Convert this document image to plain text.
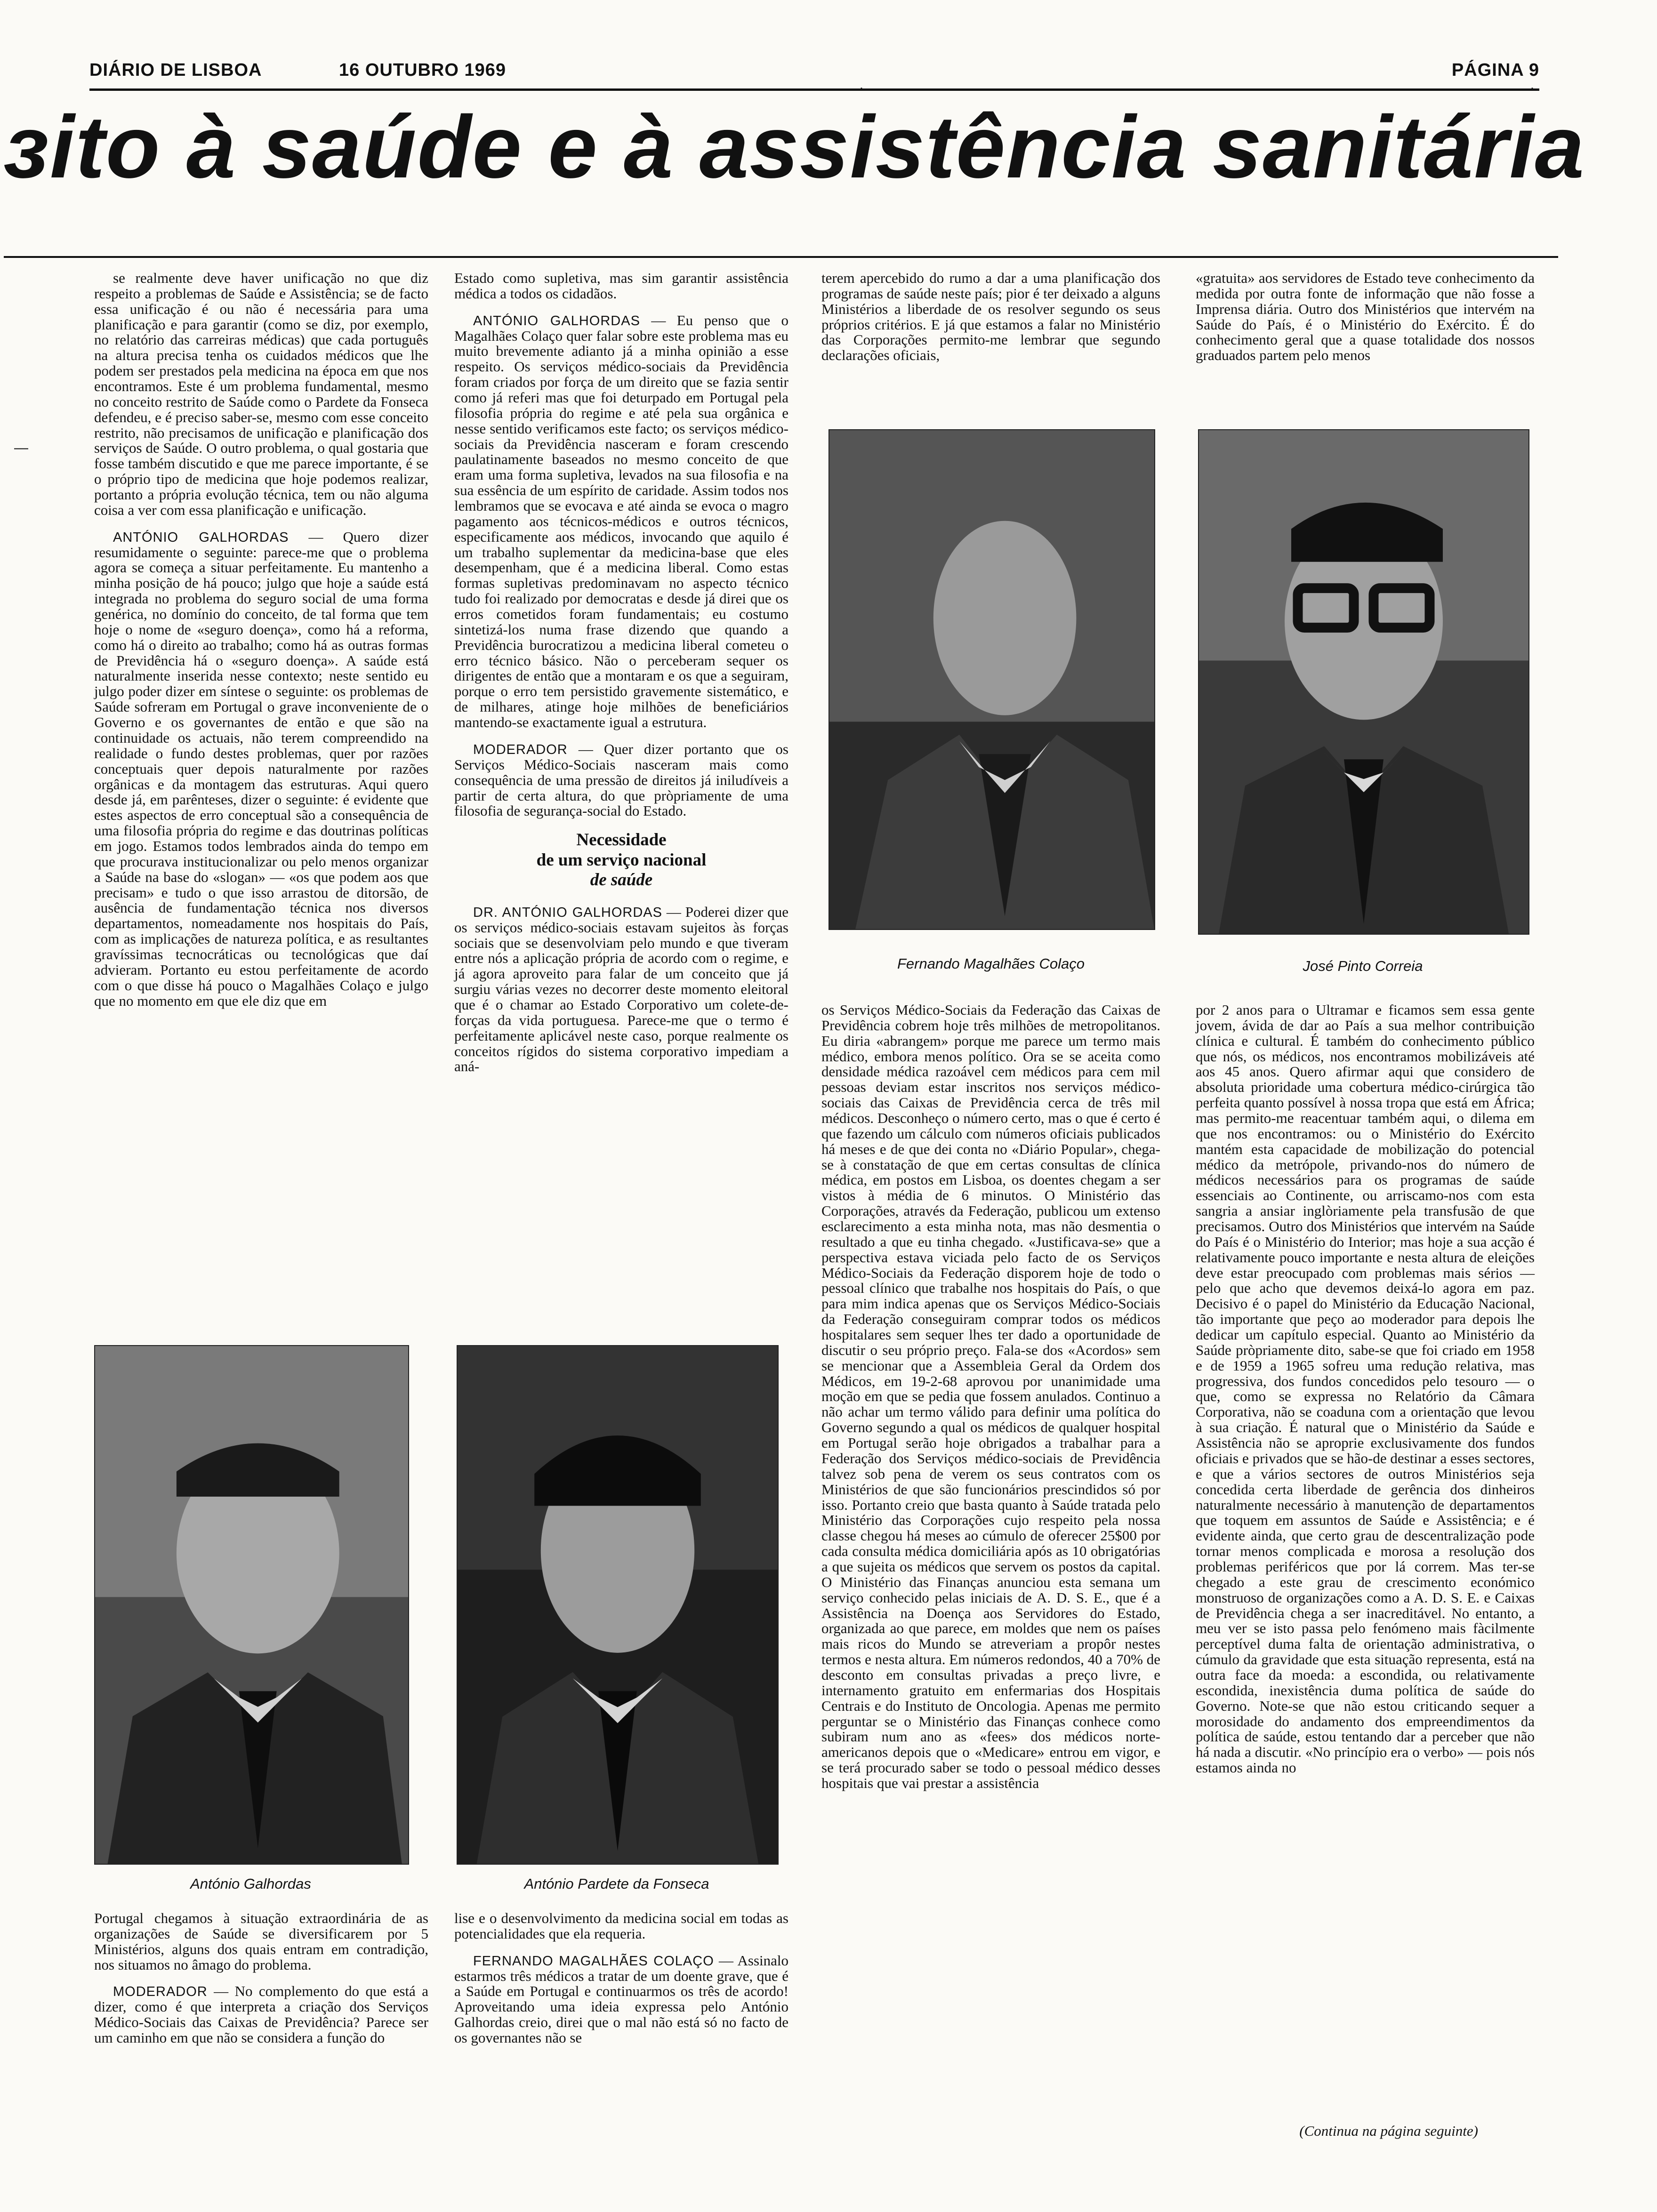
DIÁRIO DE LISBOA	16 OUTUBRO 1969	PÁGINA 9
ɜito à saúde e à assistência sanitária

se realmente deve haver unificação no que diz respeito a problemas de Saúde e Assistência; se de facto essa unificação é ou não é necessária para uma planificação e para garantir (como se diz, por exemplo, no relatório das carreiras médicas) que cada português na altura precisa tenha os cuidados médicos que lhe podem ser prestados pela medicina na época em que nos encontramos. Este é um problema fundamental, mesmo no conceito restrito de Saúde como o Pardete da Fonseca defendeu, e é preciso saber-se, mesmo com esse conceito restrito, não precisamos de unificação e planificação dos serviços de Saúde. O outro problema, o qual gostaria que fosse também discutido e que me parece importante, é se o próprio tipo de medicina que hoje podemos realizar, portanto a própria evolução técnica, tem ou não alguma coisa a ver com essa planificação e unificação.

ANTÓNIO GALHORDAS — Quero dizer resumidamente o seguinte: parece-me que o problema agora se começa a situar perfeitamente. Eu mantenho a minha posição de há pouco; julgo que hoje a saúde está integrada no problema do seguro social de uma forma genérica, no domínio do conceito, de tal forma que tem hoje o nome de «seguro doença», como há a reforma, como há o direito ao trabalho; como há as outras formas de Previdência há o «seguro doença». A saúde está naturalmente inserida nesse contexto; neste sentido eu julgo poder dizer em síntese o seguinte: os problemas de Saúde sofreram em Portugal o grave inconveniente de o Governo e os governantes de então e que são na continuidade os actuais, não terem compreendido na realidade o fundo destes problemas, quer por razões conceptuais quer depois naturalmente por razões orgânicas e da montagem das estruturas. Aqui quero desde já, em parênteses, dizer o seguinte: é evidente que estes aspectos de erro conceptual são a consequência de uma filosofia própria do regime e das doutrinas políticas em jogo. Estamos todos lembrados ainda do tempo em que procurava institucionalizar ou pelo menos organizar a Saúde na base do «slogan» — «os que podem aos que precisam» e tudo o que isso arrastou de ditorsão, de ausência de fundamentação técnica nos diversos departamentos, nomeadamente nos hospitais do País, com as implicações de natureza política, e as resultantes gravíssimas tecnocráticas ou tecnológicas que daí advieram. Portanto eu estou perfeitamente de acordo com o que disse há pouco o Magalhães Colaço e julgo que no momento em que ele diz que em

Portugal chegamos à situação extraordinária de as organizações de Saúde se diversificarem por 5 Ministérios, alguns dos quais entram em contradição, nos situamos no âmago do problema.

MODERADOR — No complemento do que está a dizer, como é que interpreta a criação dos Serviços Médico-Sociais das Caixas de Previdência? Parece ser um caminho em que não se considera a função do

Estado como supletiva, mas sim garantir assistência médica a todos os cidadãos.

ANTÓNIO GALHORDAS — Eu penso que o Magalhães Colaço quer falar sobre este problema mas eu muito brevemente adianto já a minha opinião a esse respeito. Os serviços médico-sociais da Previdência foram criados por força de um direito que se fazia sentir como já referi mas que foi deturpado em Portugal pela filosofia própria do regime e até pela sua orgânica e nesse sentido verificamos este facto; os serviços médico-sociais da Previdência nasceram e foram crescendo paulatinamente baseados no mesmo conceito de que eram uma forma supletiva, levados na sua filosofia e na sua essência de um espírito de caridade. Assim todos nos lembramos que se evocava e até ainda se evoca o magro pagamento aos técnicos-médicos e outros técnicos, especificamente aos médicos, invocando que aquilo é um trabalho suplementar da medicina-base que eles desempenham, que é a medicina liberal. Como estas formas supletivas predominavam no aspecto técnico tudo foi realizado por democratas e desde já direi que os erros cometidos foram fundamentais; eu costumo sintetizá-los numa frase dizendo que quando a Previdência burocratizou a medicina liberal cometeu o erro técnico básico. Não o perceberam sequer os dirigentes de então que a montaram e os que a seguiram, porque o erro tem persistido gravemente sistemático, e de milhares, atinge hoje milhões de beneficiários mantendo-se exactamente igual a estrutura.

MODERADOR — Quer dizer portanto que os Serviços Médico-Sociais nasceram mais como consequência de uma pressão de direitos já iniludíveis a partir de certa altura, do que pròpriamente de uma filosofia de segurança-social do Estado.

Necessidade
de um serviço nacional
de saúde

DR. ANTÓNIO GALHORDAS — Poderei dizer que os serviços médico-sociais estavam sujeitos às forças sociais que se desenvolviam pelo mundo e que tiveram entre nós a aplicação própria de acordo com o regime, e já agora aproveito para falar de um conceito que já surgiu várias vezes no decorrer deste momento eleitoral que é o chamar ao Estado Corporativo um colete-de-forças da vida portuguesa. Parece-me que o termo é perfeitamente aplicável neste caso, porque realmente os conceitos rígidos do sistema corporativo impediam a aná-

lise e o desenvolvimento da medicina social em todas as potencialidades que ela requeria.

FERNANDO MAGALHÃES COLAÇO — Assinalo estarmos três médicos a tratar de um doente grave, que é a Saúde em Portugal e continuarmos os três de acordo! Aproveitando uma ideia expressa pelo António Galhordas creio, direi que o mal não está só no facto de os governantes não se

terem apercebido do rumo a dar a uma planificação dos programas de saúde neste país; pior é ter deixado a alguns Ministérios a liberdade de os resolver segundo os seus próprios critérios. E já que estamos a falar no Ministério das Corporações permito-me lembrar que segundo declarações oficiais,

os Serviços Médico-Sociais da Federação das Caixas de Previdência cobrem hoje três milhões de metropolitanos. Eu diria «abrangem» porque me parece um termo mais médico, embora menos político. Ora se se aceita como densidade médica razoável cem médicos para cem mil pessoas deviam estar inscritos nos serviços médico-sociais das Caixas de Previdência cerca de três mil médicos. Desconheço o número certo, mas o que é certo é que fazendo um cálculo com números oficiais publicados há meses e de que dei conta no «Diário Popular», chega-se à constatação de que em certas consultas de clínica médica, em postos em Lisboa, os doentes chegam a ser vistos à média de 6 minutos. O Ministério das Corporações, através da Federação, publicou um extenso esclarecimento a esta minha nota, mas não desmentia o resultado a que eu tinha chegado. «Justificava-se» que a perspectiva estava viciada pelo facto de os Serviços Médico-Sociais da Federação disporem hoje de todo o pessoal clínico que trabalhe nos hospitais do País, o que para mim indica apenas que os Serviços Médico-Sociais da Federação conseguiram comprar todos os médicos hospitalares sem sequer lhes ter dado a oportunidade de discutir o seu próprio preço. Fala-se dos «Acordos» sem se mencionar que a Assembleia Geral da Ordem dos Médicos, em 19-2-68 aprovou por unanimidade uma moção em que se pedia que fossem anulados. Continuo a não achar um termo válido para definir uma política do Governo segundo a qual os médicos de qualquer hospital em Portugal serão hoje obrigados a trabalhar para a Federação dos Serviços médico-sociais de Previdência talvez sob pena de verem os seus contratos com os Ministérios de que são funcionários prescindidos só por isso. Portanto creio que basta quanto à Saúde tratada pelo Ministério das Corporações cujo respeito pela nossa classe chegou há meses ao cúmulo de oferecer 25$00 por cada consulta médica domiciliária após as 10 obrigatórias a que sujeita os médicos que servem os postos da capital. O Ministério das Finanças anunciou esta semana um serviço conhecido pelas iniciais de A. D. S. E., que é a Assistência na Doença aos Servidores do Estado, organizada ao que parece, em moldes que nem os países mais ricos do Mundo se atreveriam a propôr nestes termos e nesta altura. Em números redondos, 40 a 70% de desconto em consultas privadas a preço livre, e internamento gratuito em enfermarias dos Hospitais Centrais e do Instituto de Oncologia. Apenas me permito perguntar se o Ministério das Finanças conhece como subiram num ano as «fees» dos médicos norte-americanos depois que o «Medicare» entrou em vigor, e se terá procurado saber se todo o pessoal médico desses hospitais que vai prestar a assistência

«gratuita» aos servidores de Estado teve conhecimento da medida por outra fonte de informação que não fosse a Imprensa diária. Outro dos Ministérios que intervém na Saúde do País, é o Ministério do Exército. É do conhecimento geral que a quase totalidade dos nossos graduados partem pelo menos

por 2 anos para o Ultramar e ficamos sem essa gente jovem, ávida de dar ao País a sua melhor contribuição clínica e cultural. É também do conhecimento público que nós, os médicos, nos encontramos mobilizáveis até aos 45 anos. Quero afirmar aqui que considero de absoluta prioridade uma cobertura médico-cirúrgica tão perfeita quanto possível à nossa tropa que está em África; mas permito-me reacentuar também aqui, o dilema em que nos encontramos: ou o Ministério do Exército mantém esta capacidade de mobilização do potencial médico da metrópole, privando-nos do número de médicos necessários para os programas de saúde essenciais ao Continente, ou arriscamo-nos com esta sangria a ansiar inglòriamente pela transfusão de que precisamos. Outro dos Ministérios que intervém na Saúde do País é o Ministério do Interior; mas hoje a sua acção é relativamente pouco importante e nesta altura de eleições deve estar preocupado com problemas mais sérios — pelo que acho que devemos deixá-lo agora em paz. Decisivo é o papel do Ministério da Educação Nacional, tão importante que peço ao moderador para depois lhe dedicar um capítulo especial. Quanto ao Ministério da Saúde pròpriamente dito, sabe-se que foi criado em 1958 e de 1959 a 1965 sofreu uma redução relativa, mas progressiva, dos fundos concedidos pelo tesouro — o que, como se expressa no Relatório da Câmara Corporativa, não se coaduna com a orientação que levou à sua criação. É natural que o Ministério da Saúde e Assistência não se aproprie exclusivamente dos fundos oficiais e privados que se hão-de destinar a esses sectores, e que a vários sectores de outros Ministérios seja concedida certa liberdade de gerência dos dinheiros naturalmente necessário à manutenção de departamentos que toquem em assuntos de Saúde e Assistência; e é evidente ainda, que certo grau de descentralização pode tornar menos complicada e morosa a resolução dos problemas periféricos que por lá correm. Mas ter-se chegado a este grau de crescimento económico monstruoso de organizações como a A. D. S. E. e Caixas de Previdência chega a ser inacreditável. No entanto, a meu ver se isto passa pelo fenómeno mais fàcilmente perceptível duma falta de orientação administrativa, o cúmulo da gravidade que esta situação representa, está na outra face da moeda: a escondida, ou relativamente escondida, inexistência duma política de saúde do Governo. Note-se que não estou criticando sequer a morosidade do andamento dos empreendimentos da política de saúde, estou tentando dar a perceber que não há nada a discutir. «No princípio era o verbo» — pois nós estamos ainda no

(Continua na página seguinte)
Fernando Magalhães Colaço	José Pinto Correia
António Galhordas	António Pardete da Fonseca
—
·
·
